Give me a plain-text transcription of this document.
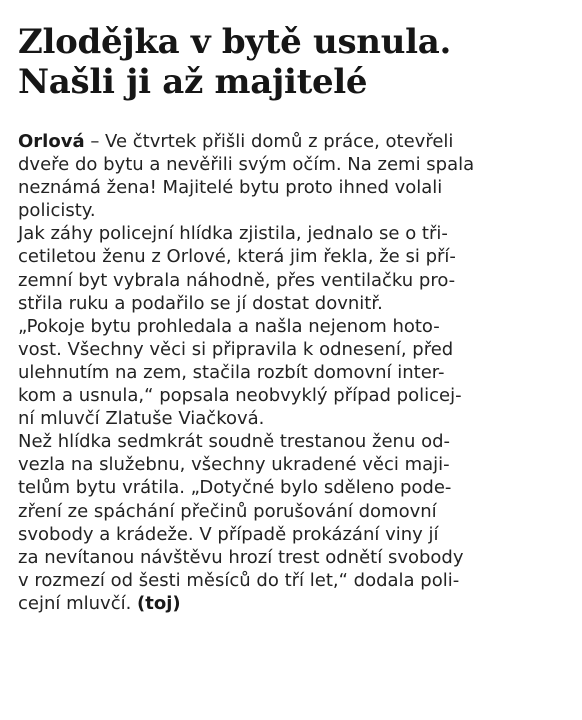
Zlodějka v bytě usnula.
Našli ji až majitelé
Orlová – Ve čtvrtek přišli domů z práce, otevřeli
dveře do bytu a nevěřili svým očím. Na zemi spala
neznámá žena! Majitelé bytu proto ihned volali
policisty.
Jak záhy policejní hlídka zjistila, jednalo se o tři-
cetiletou ženu z Orlové, která jim řekla, že si pří-
zemní byt vybrala náhodně, přes ventilačku pro-
střila ruku a podařilo se jí dostat dovnitř.
„Pokoje bytu prohledala a našla nejenom hoto-
vost. Všechny věci si připravila k odnesení, před
ulehnutím na zem, stačila rozbít domovní inter-
kom a usnula,“ popsala neobvyklý případ policej-
ní mluvčí Zlatuše Viačková.
Než hlídka sedmkrát soudně trestanou ženu od-
vezla na služebnu, všechny ukradené věci maji-
telům bytu vrátila. „Dotyčné bylo sděleno pode-
zření ze spáchání přečinů porušování domovní
svobody a krádeže. V případě prokázání viny jí
za nevítanou návštěvu hrozí trest odnětí svobody
v rozmezí od šesti měsíců do tří let,“ dodala poli-
cejní mluvčí. (toj)
